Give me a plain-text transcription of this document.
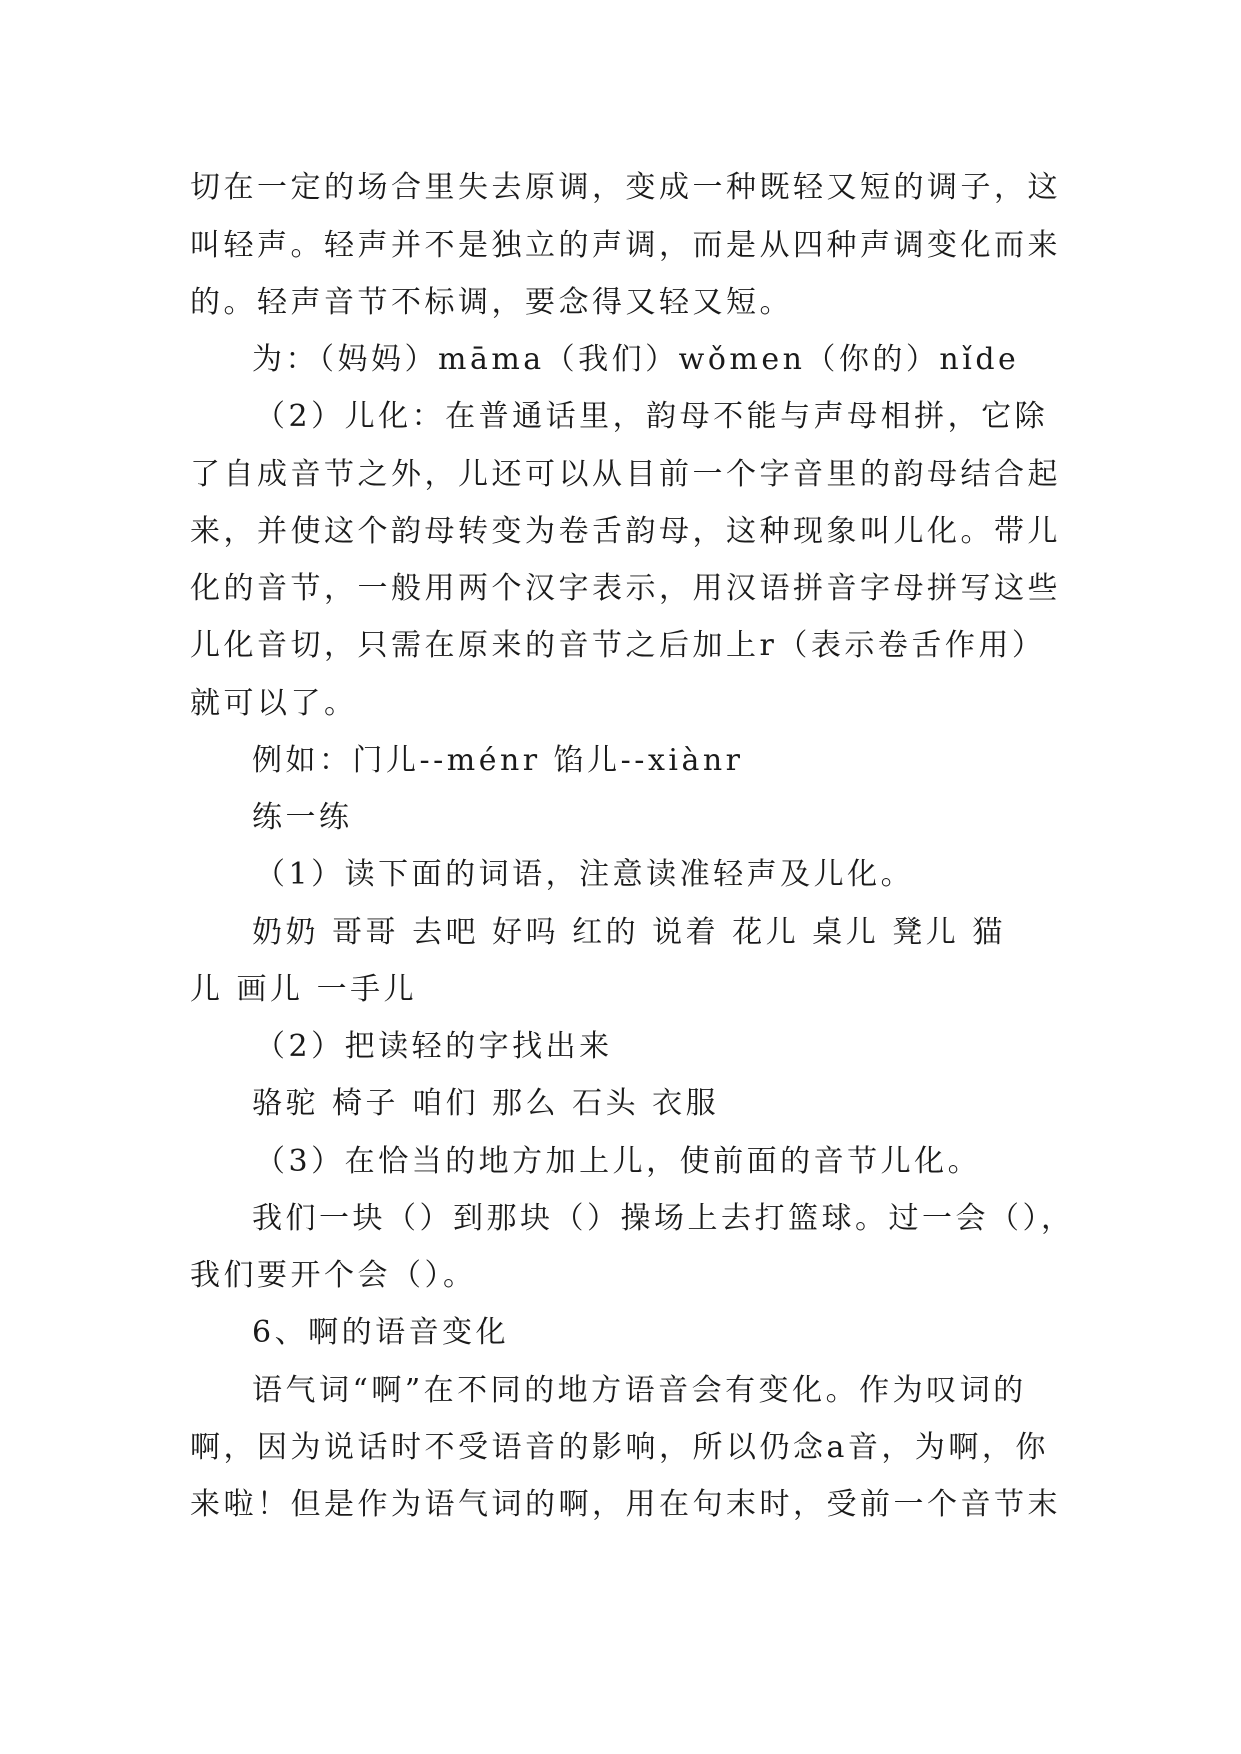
切在一定的场合里失去原调，变成一种既轻又短的调子，这
叫轻声。轻声并不是独立的声调，而是从四种声调变化而来
的。轻声音节不标调，要念得又轻又短。
为：（妈妈）māma（我们）wǒmen（你的）nǐde
（2）儿化：在普通话里，韵母不能与声母相拼，它除
了自成音节之外，儿还可以从目前一个字音里的韵母结合起
来，并使这个韵母转变为卷舌韵母，这种现象叫儿化。带儿
化的音节，一般用两个汉字表示，用汉语拼音字母拼写这些
儿化音切，只需在原来的音节之后加上r（表示卷舌作用）
就可以了。
例如：门儿--ménr 馅儿--xiànr
练一练
（1）读下面的词语，注意读准轻声及儿化。
奶奶 哥哥 去吧 好吗 红的 说着 花儿 桌儿 凳儿 猫
儿 画儿 一手儿
（2）把读轻的字找出来
骆驼 椅子 咱们 那么 石头 衣服
（3）在恰当的地方加上儿，使前面的音节儿化。
我们一块（）到那块（）操场上去打篮球。过一会（），
我们要开个会（）。
6、啊的语音变化
语气词“啊”在不同的地方语音会有变化。作为叹词的
啊，因为说话时不受语音的影响，所以仍念a音，为啊，你
来啦！但是作为语气词的啊，用在句末时，受前一个音节末
